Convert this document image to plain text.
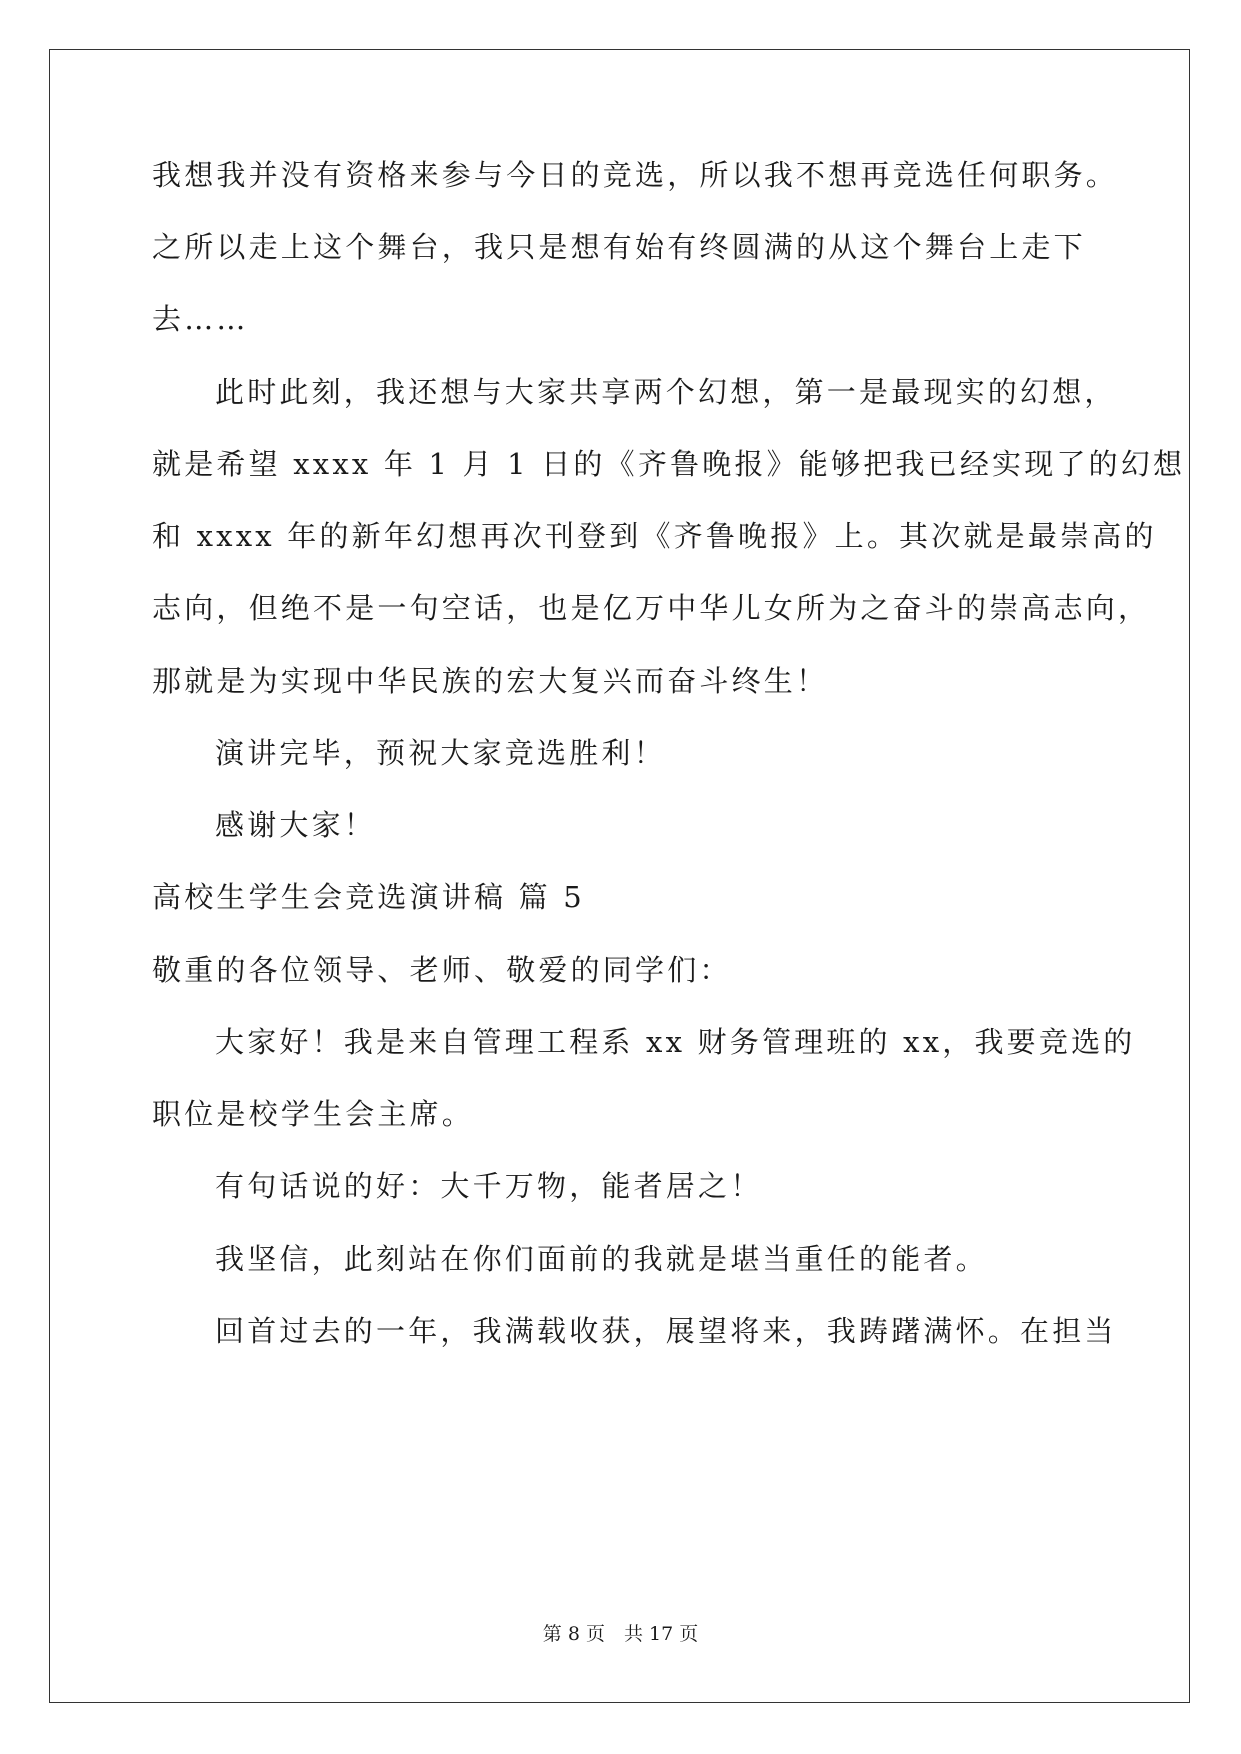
我想我并没有资格来参与今日的竞选，所以我不想再竞选任何职务。
之所以走上这个舞台，我只是想有始有终圆满的从这个舞台上走下
去……
此时此刻，我还想与大家共享两个幻想，第一是最现实的幻想，
就是希望 xxxx 年 1 月 1 日的《齐鲁晚报》能够把我已经实现了的幻想
和 xxxx 年的新年幻想再次刊登到《齐鲁晚报》上。其次就是最崇高的
志向，但绝不是一句空话，也是亿万中华儿女所为之奋斗的崇高志向，
那就是为实现中华民族的宏大复兴而奋斗终生！
演讲完毕，预祝大家竞选胜利！
感谢大家！
高校生学生会竞选演讲稿 篇 5
敬重的各位领导、老师、敬爱的同学们：
大家好！我是来自管理工程系 xx 财务管理班的 xx，我要竞选的
职位是校学生会主席。
有句话说的好：大千万物，能者居之！
我坚信，此刻站在你们面前的我就是堪当重任的能者。
回首过去的一年，我满载收获，展望将来，我踌躇满怀。在担当
第 8 页　共 17 页
